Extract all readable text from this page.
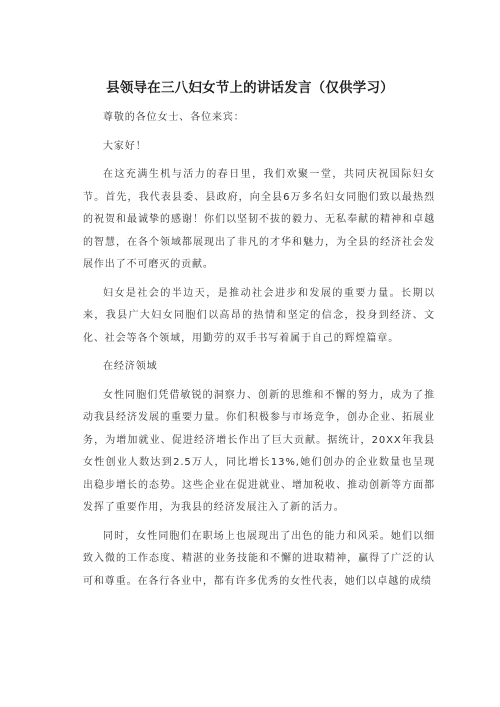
县领导在三八妇女节上的讲话发言（仅供学习）

尊敬的各位女士、各位来宾：

大家好！

在这充满生机与活力的春日里，我们欢聚一堂，共同庆祝国际妇女节。首先，我代表县委、县政府，向全县6万多名妇女同胞们致以最热烈的祝贺和最诚挚的感谢！你们以坚韧不拔的毅力、无私奉献的精神和卓越的智慧，在各个领域都展现出了非凡的才华和魅力，为全县的经济社会发展作出了不可磨灭的贡献。

妇女是社会的半边天，是推动社会进步和发展的重要力量。长期以来，我县广大妇女同胞们以高昂的热情和坚定的信念，投身到经济、文化、社会等各个领域，用勤劳的双手书写着属于自己的辉煌篇章。

在经济领域

女性同胞们凭借敏锐的洞察力、创新的思维和不懈的努力，成为了推动我县经济发展的重要力量。你们积极参与市场竞争，创办企业、拓展业务，为增加就业、促进经济增长作出了巨大贡献。据统计，20XX年我县女性创业人数达到2.5万人，同比增长13%,她们创办的企业数量也呈现出稳步增长的态势。这些企业在促进就业、增加税收、推动创新等方面都发挥了重要作用，为我县的经济发展注入了新的活力。

同时，女性同胞们在职场上也展现出了出色的能力和风采。她们以细致入微的工作态度、精湛的业务技能和不懈的进取精神，赢得了广泛的认可和尊重。在各行各业中，都有许多优秀的女性代表，她们以卓越的成绩
